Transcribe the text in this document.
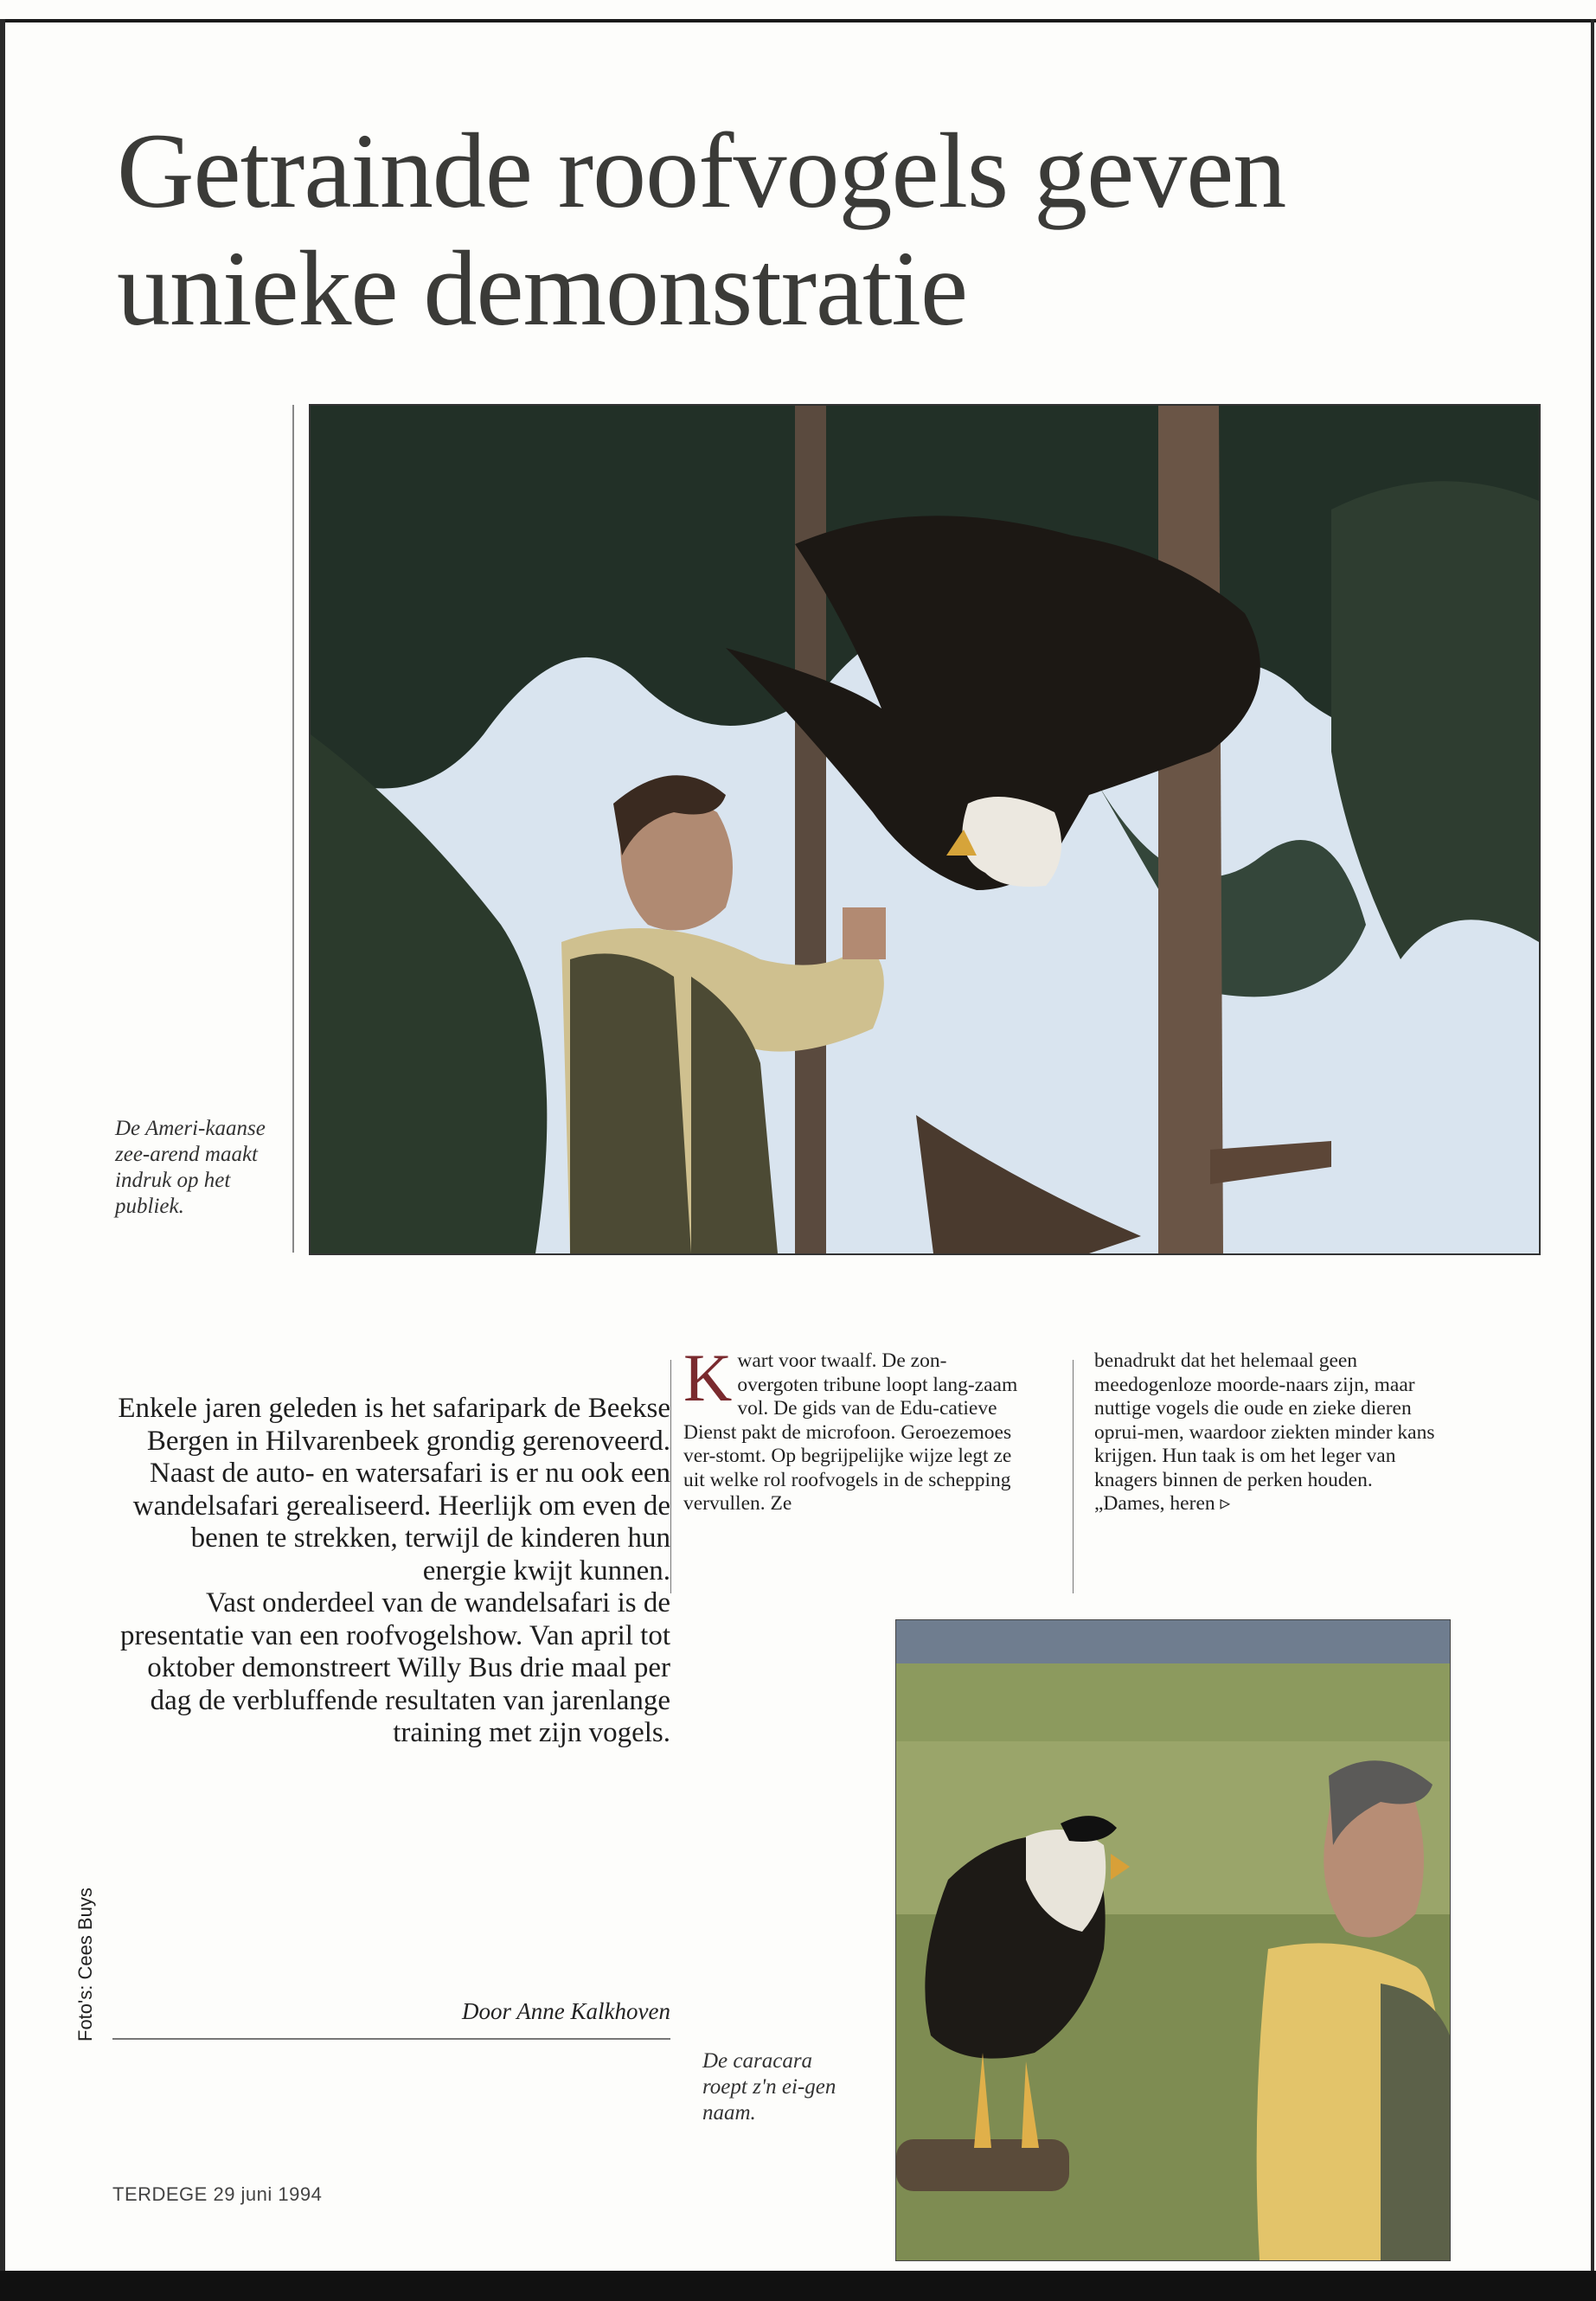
Getrainde roofvogels geven
unieke demonstratie
De Ameri-kaanse zee-arend maakt indruk op het publiek.

Enkele jaren geleden is het safaripark de Beekse Bergen in Hilvarenbeek grondig gerenoveerd.

Naast de auto- en watersafari is er nu ook een wandelsafari gerealiseerd. Heerlijk om even de benen te strekken, terwijl de kinderen hun energie kwijt kunnen.

Vast onderdeel van de wandelsafari is de presentatie van een roofvogelshow. Van april tot oktober demonstreert Willy Bus drie maal per dag de verbluffende resultaten van jarenlange training met zijn vogels.

Door Anne Kalkhoven
K wart voor twaalf. De zon-overgoten tribune loopt lang-zaam vol. De gids van de Edu-catieve Dienst pakt de microfoon. Geroezemoes ver-stomt. Op begrijpelijke wijze legt ze uit welke rol roofvogels in de schepping vervullen. Ze
benadrukt dat het helemaal geen meedogenloze moorde-naars zijn, maar nuttige vogels die oude en zieke dieren oprui-men, waardoor ziekten minder kans krijgen. Hun taak is om het leger van knagers binnen de perken houden. „Dames, heren ▹
De caracara roept z'n ei-gen naam.
Foto's: Cees Buys
TERDEGE 29 juni 1994
